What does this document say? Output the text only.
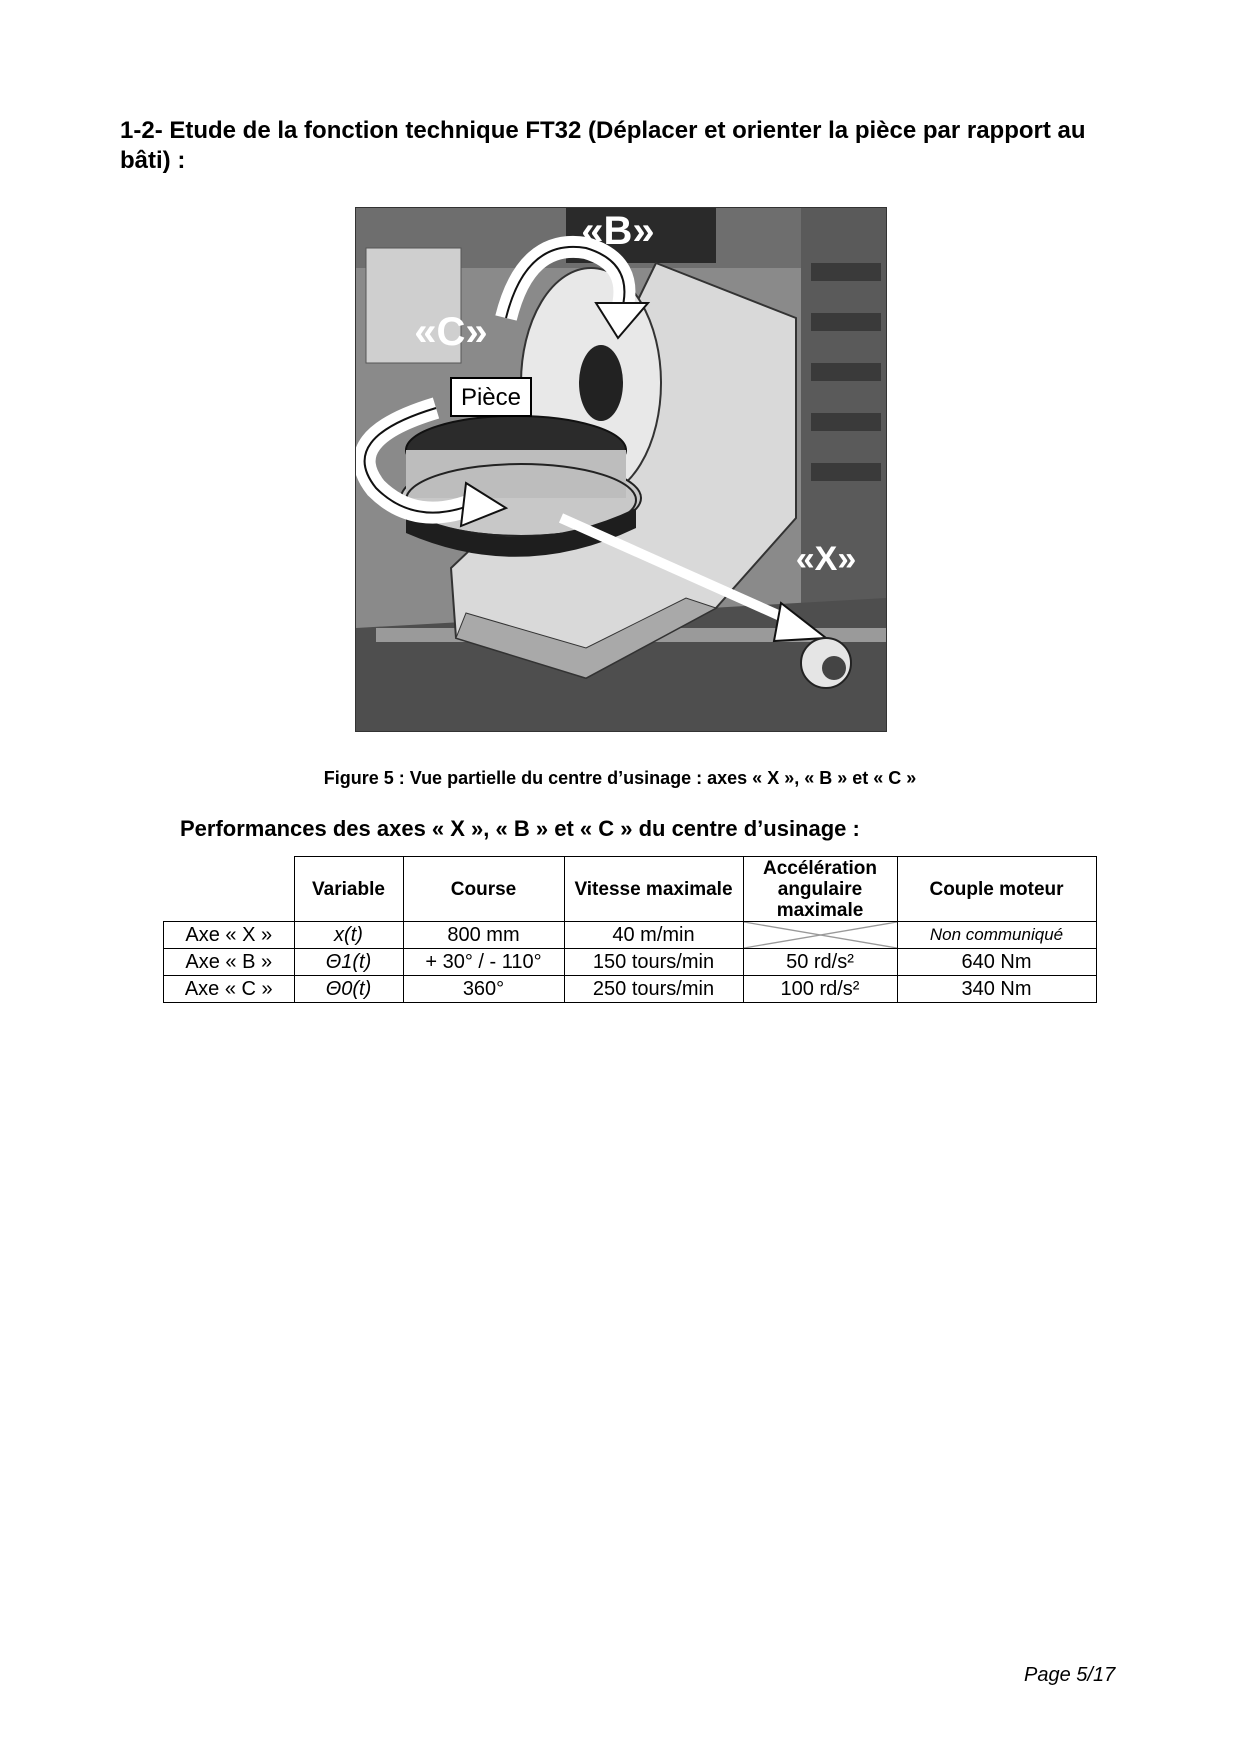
1-2- Etude de la fonction technique FT32 (Déplacer et orienter la pièce par rapport au bâti) :
Pièce
«B»
«C»
«X»
Figure 5 : Vue partielle du centre d’usinage : axes « X », « B » et « C »
Performances des axes « X », « B » et « C » du centre d’usinage :
	Variable	Course	Vitesse maximale	Accélération angulaire maximale	Couple moteur
Axe « X »	x(t)	800 mm	40 m/min		Non communiqué
Axe « B »	Θ1(t)	+ 30° / - 110°	150 tours/min	50 rd/s²	640 Nm
Axe « C »	Θ0(t)	360°	250 tours/min	100 rd/s²	340 Nm
Page 5/17
